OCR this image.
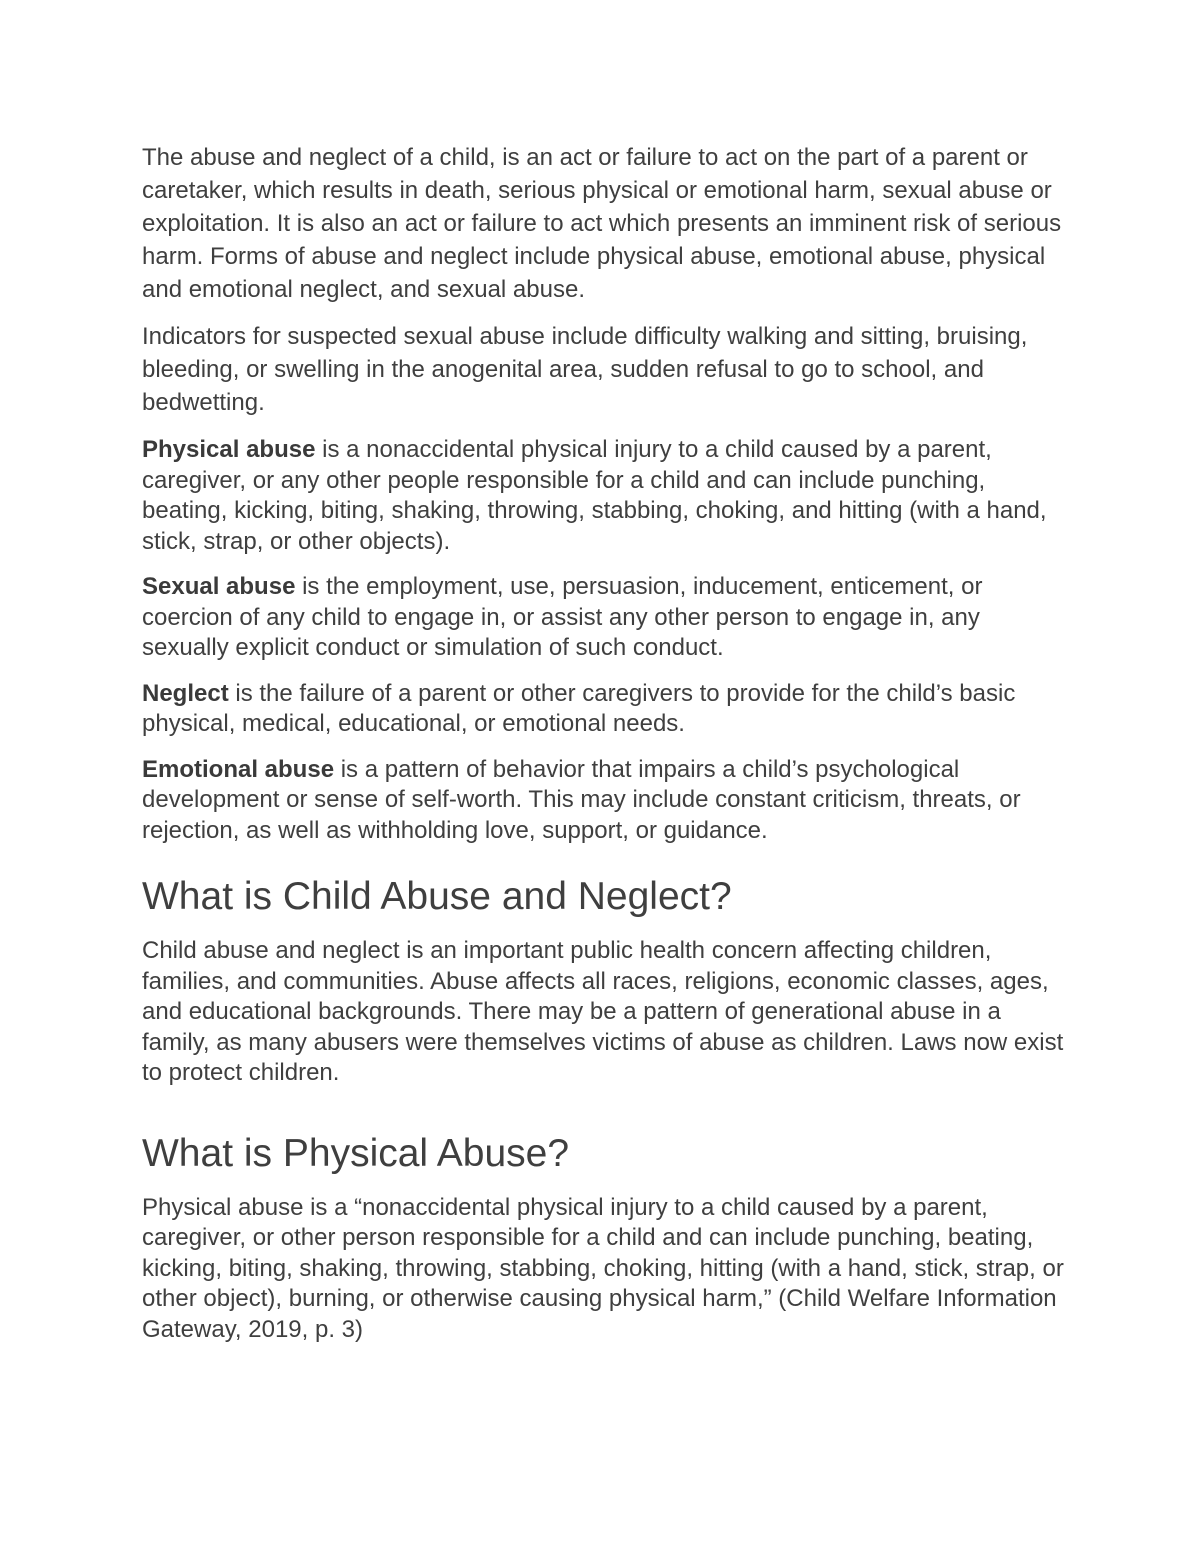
The abuse and neglect of a child, is an act or failure to act on the part of a parent or caretaker, which results in death, serious physical or emotional harm, sexual abuse or exploitation. It is also an act or failure to act which presents an imminent risk of serious harm. Forms of abuse and neglect include physical abuse, emotional abuse, physical and emotional neglect, and sexual abuse.

Indicators for suspected sexual abuse include difficulty walking and sitting, bruising, bleeding, or swelling in the anogenital area, sudden refusal to go to school, and bedwetting.

Physical abuse is a nonaccidental physical injury to a child caused by a parent, caregiver, or any other people responsible for a child and can include punching, beating, kicking, biting, shaking, throwing, stabbing, choking, and hitting (with a hand, stick, strap, or other objects).

Sexual abuse is the employment, use, persuasion, inducement, enticement, or coercion of any child to engage in, or assist any other person to engage in, any sexually explicit conduct or simulation of such conduct.

Neglect is the failure of a parent or other caregivers to provide for the child’s basic physical, medical, educational, or emotional needs.

Emotional abuse is a pattern of behavior that impairs a child’s psychological development or sense of self-worth. This may include constant criticism, threats, or rejection, as well as withholding love, support, or guidance.

What is Child Abuse and Neglect?

Child abuse and neglect is an important public health concern affecting children, families, and communities. Abuse affects all races, religions, economic classes, ages, and educational backgrounds. There may be a pattern of generational abuse in a family, as many abusers were themselves victims of abuse as children. Laws now exist to protect children.

What is Physical Abuse?

Physical abuse is a “nonaccidental physical injury to a child caused by a parent, caregiver, or other person responsible for a child and can include punching, beating, kicking, biting, shaking, throwing, stabbing, choking, hitting (with a hand, stick, strap, or other object), burning, or otherwise causing physical harm,” (Child Welfare Information Gateway, 2019, p. 3)
